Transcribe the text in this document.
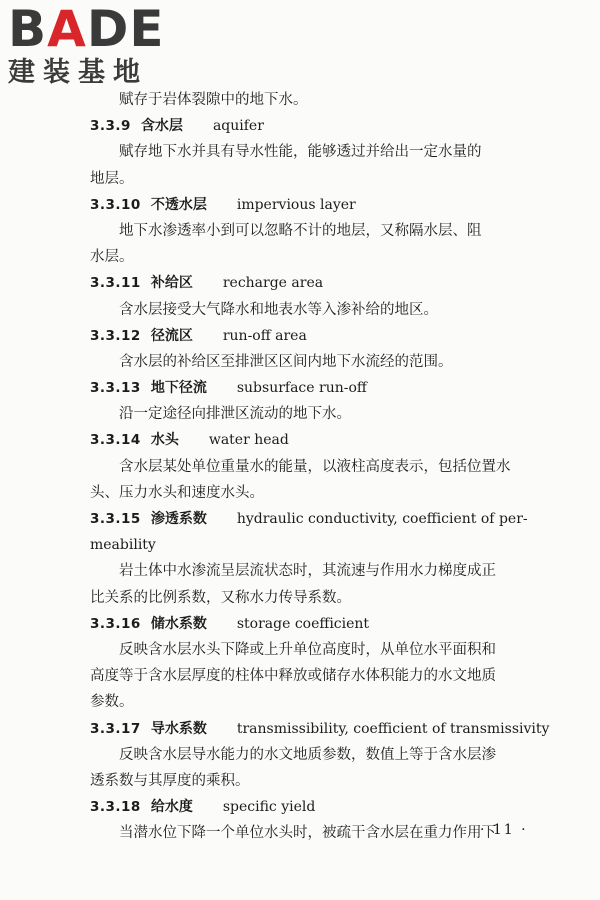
BADE
建装基地
赋存于岩体裂隙中的地下水。
3.3.9 含水层 aquifer
赋存地下水并具有导水性能，能够透过并给出一定水量的
地层。
3.3.10 不透水层 impervious layer
地下水渗透率小到可以忽略不计的地层，又称隔水层、阻
水层。
3.3.11 补给区 recharge area
含水层接受大气降水和地表水等入渗补给的地区。
3.3.12 径流区 run-off area
含水层的补给区至排泄区区间内地下水流经的范围。
3.3.13 地下径流 subsurface run-off
沿一定途径向排泄区流动的地下水。
3.3.14 水头 water head
含水层某处单位重量水的能量，以液柱高度表示，包括位置水
头、压力水头和速度水头。
3.3.15 渗透系数 hydraulic conductivity, coefficient of per-
meability
岩土体中水渗流呈层流状态时，其流速与作用水力梯度成正
比关系的比例系数，又称水力传导系数。
3.3.16 储水系数 storage coefficient
反映含水层水头下降或上升单位高度时，从单位水平面积和
高度等于含水层厚度的柱体中释放或储存水体积能力的水文地质
参数。
3.3.17 导水系数 transmissibility, coefficient of transmissivity
反映含水层导水能力的水文地质参数，数值上等于含水层渗
透系数与其厚度的乘积。
3.3.18 给水度 specific yield
当潜水位下降一个单位水头时，被疏干含水层在重力作用下
· 11 ·
